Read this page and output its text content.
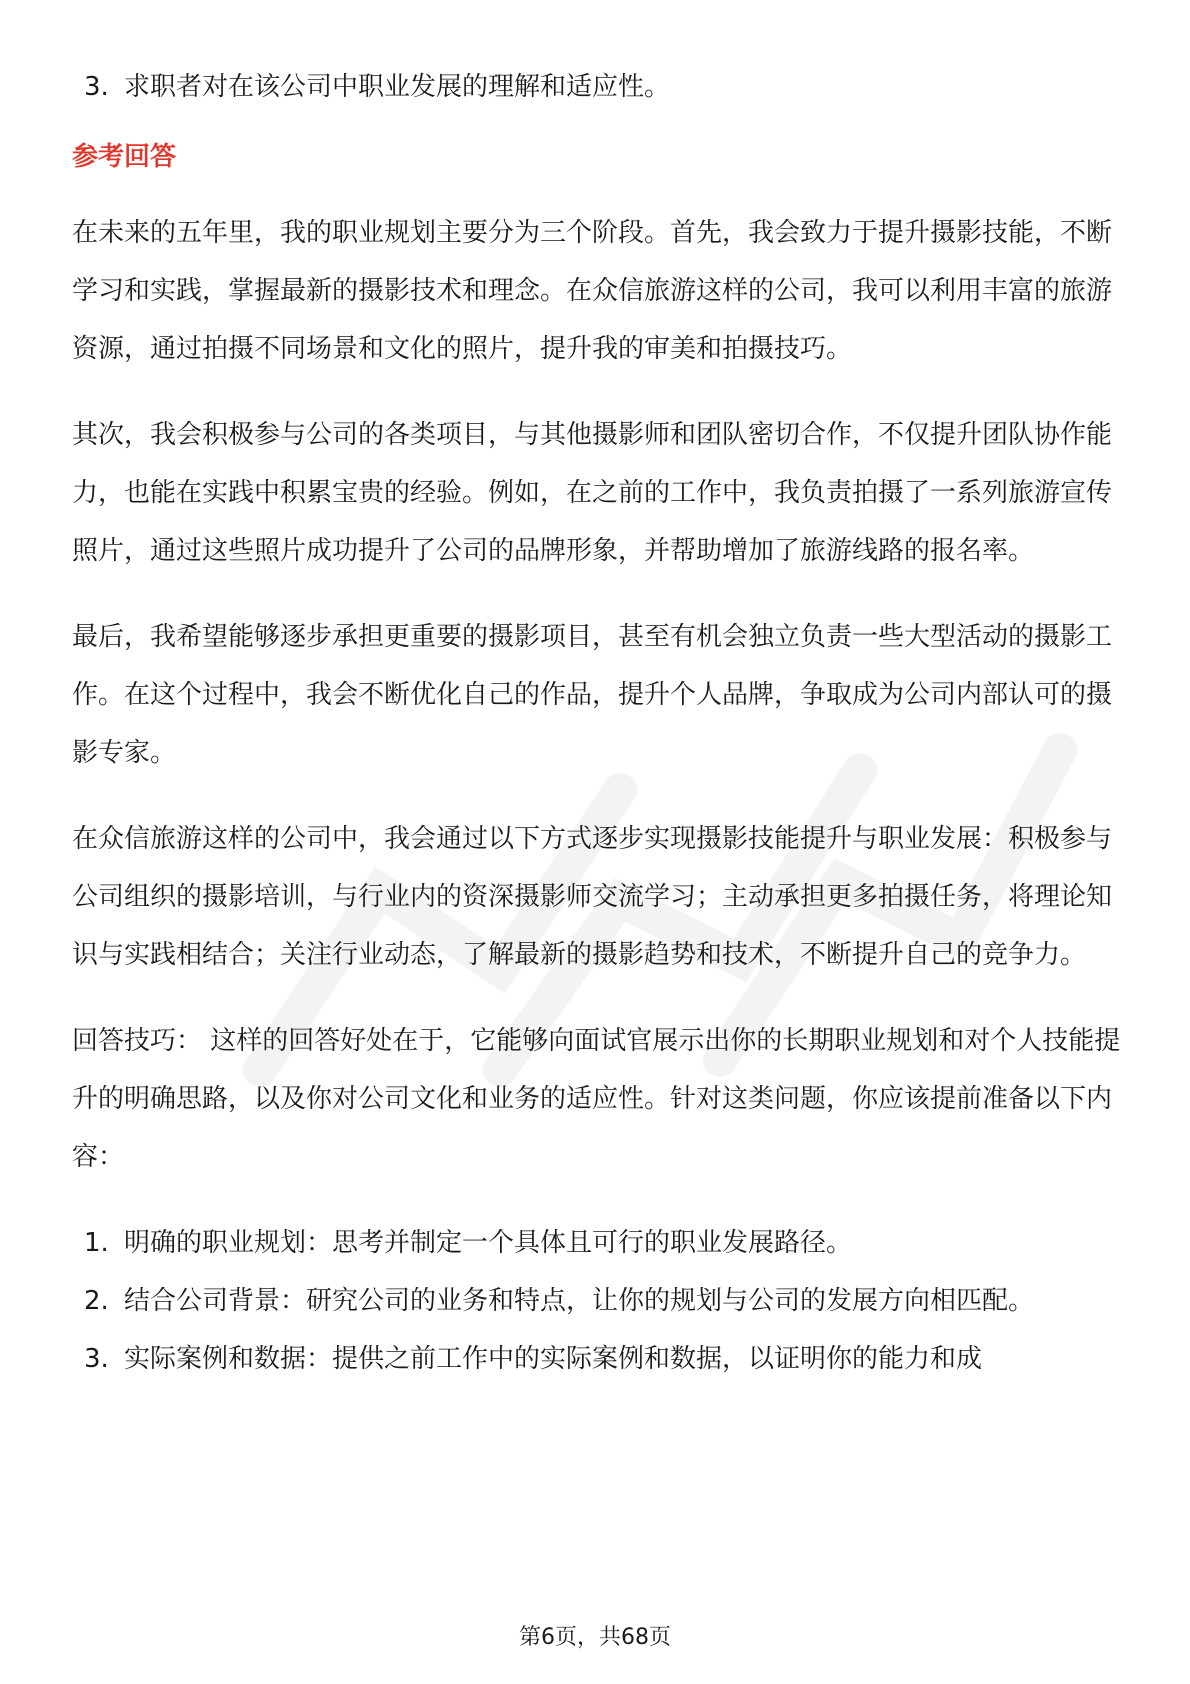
3. 求职者对在该公司中职业发展的理解和适应性。

参考回答

在未来的五年里，我的职业规划主要分为三个阶段。首先，我会致力于提升摄影技能，不断学习和实践，掌握最新的摄影技术和理念。在众信旅游这样的公司，我可以利用丰富的旅游资源，通过拍摄不同场景和文化的照片，提升我的审美和拍摄技巧。

其次，我会积极参与公司的各类项目，与其他摄影师和团队密切合作，不仅提升团队协作能力，也能在实践中积累宝贵的经验。例如，在之前的工作中，我负责拍摄了一系列旅游宣传照片，通过这些照片成功提升了公司的品牌形象，并帮助增加了旅游线路的报名率。

最后，我希望能够逐步承担更重要的摄影项目，甚至有机会独立负责一些大型活动的摄影工作。在这个过程中，我会不断优化自己的作品，提升个人品牌，争取成为公司内部认可的摄影专家。

在众信旅游这样的公司中，我会通过以下方式逐步实现摄影技能提升与职业发展：积极参与公司组织的摄影培训，与行业内的资深摄影师交流学习；主动承担更多拍摄任务，将理论知识与实践相结合；关注行业动态，了解最新的摄影趋势和技术，不断提升自己的竞争力。

回答技巧： 这样的回答好处在于，它能够向面试官展示出你的长期职业规划和对个人技能提升的明确思路，以及你对公司文化和业务的适应性。针对这类问题，你应该提前准备以下内容：

1. 明确的职业规划：思考并制定一个具体且可行的职业发展路径。
2. 结合公司背景：研究公司的业务和特点，让你的规划与公司的发展方向相匹配。
3. 实际案例和数据：提供之前工作中的实际案例和数据，以证明你的能力和成
第6页，共68页
